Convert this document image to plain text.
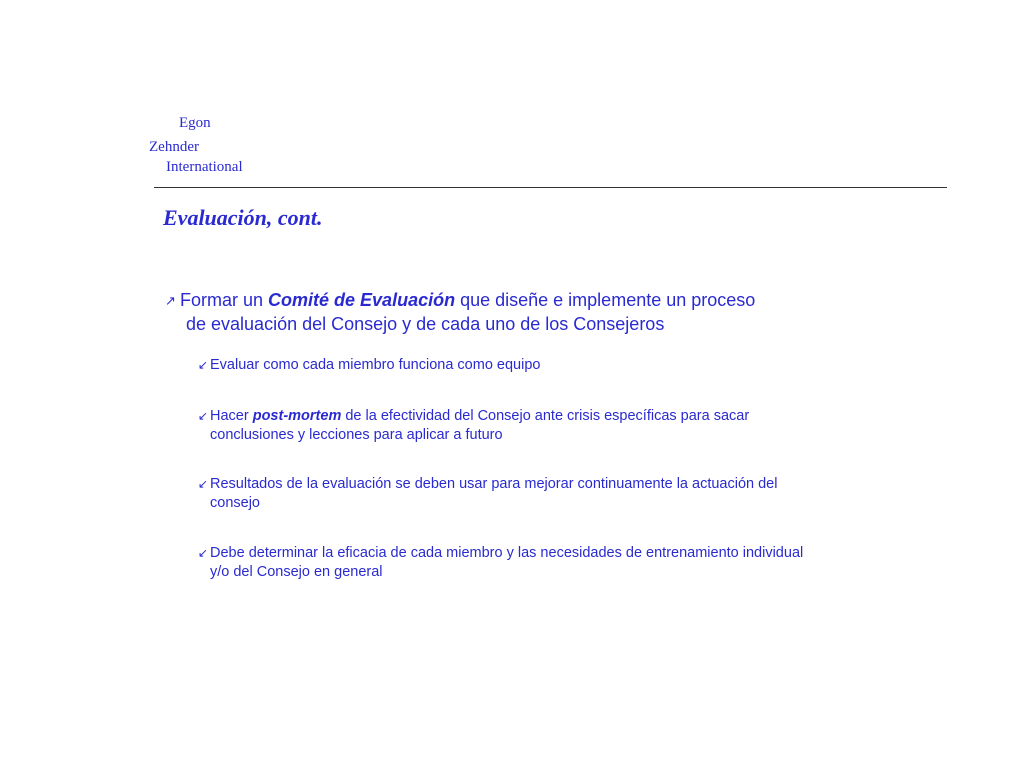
Egon
Zehnder
International
Evaluación, cont.
↗ Formar un Comité de Evaluación que diseñe e implemente un proceso
de evaluación del Consejo y de cada uno de los Consejeros
↙ Evaluar como cada miembro funciona como equipo
↙ Hacer post-mortem de la efectividad del Consejo ante crisis específicas para sacar conclusiones y lecciones para aplicar a futuro
↙ Resultados de la evaluación se deben usar para mejorar continuamente la actuación del consejo
↙ Debe determinar la eficacia de cada miembro y las necesidades de entrenamiento individual y/o del Consejo en general
